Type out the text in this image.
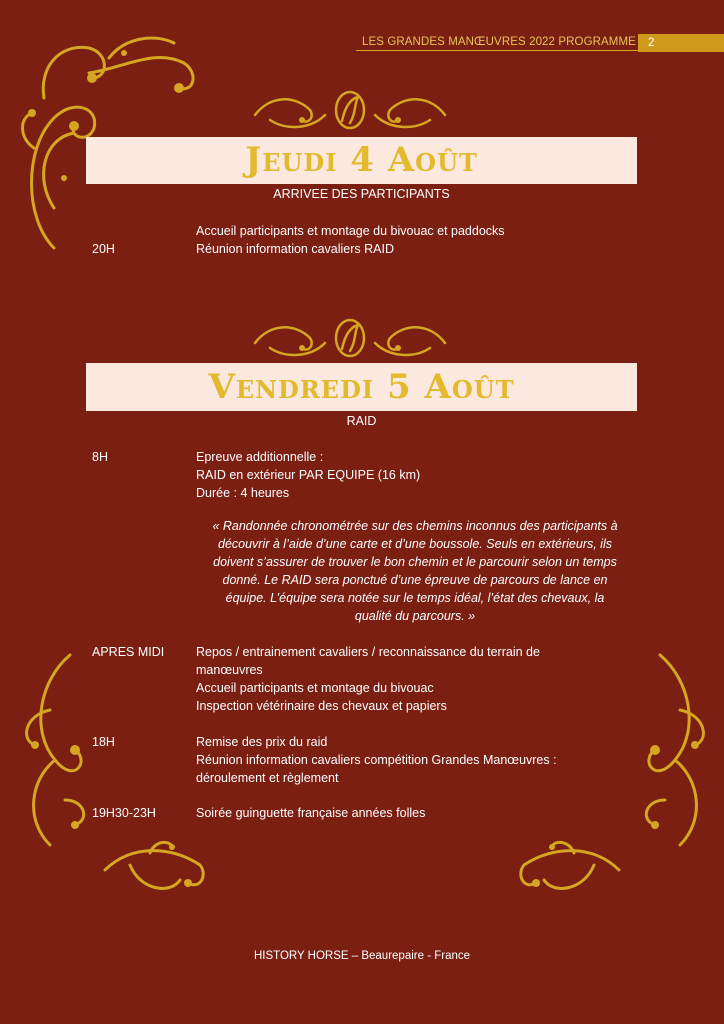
LES GRANDES MANŒUVRES 2022 PROGRAMME	2
Jeudi 4 Août
ARRIVEE DES PARTICIPANTS
Accueil participants et montage du bivouac et paddocks
20H	Réunion information cavaliers RAID
Vendredi 5 Août
RAID
8H	Epreuve additionnelle :
RAID en extérieur PAR EQUIPE (16 km)
Durée : 4 heures
« Randonnée chronométrée sur des chemins inconnus des participants à
découvrir à l’aide d’une carte et d’une boussole. Seuls en extérieurs, ils
doivent s’assurer de trouver le bon chemin et le parcourir selon un temps
donné. Le RAID sera ponctué d’une épreuve de parcours de lance en
équipe. L’équipe sera notée sur le temps idéal, l’état des chevaux, la
qualité du parcours. »
APRES MIDI	Repos / entrainement cavaliers / reconnaissance du terrain de
manœuvres
Accueil participants et montage du bivouac
Inspection vétérinaire des chevaux et papiers
18H	Remise des prix du raid
Réunion information cavaliers compétition Grandes Manœuvres :
déroulement et règlement
19H30-23H	Soirée guinguette française années folles
HISTORY HORSE – Beaurepaire - France
